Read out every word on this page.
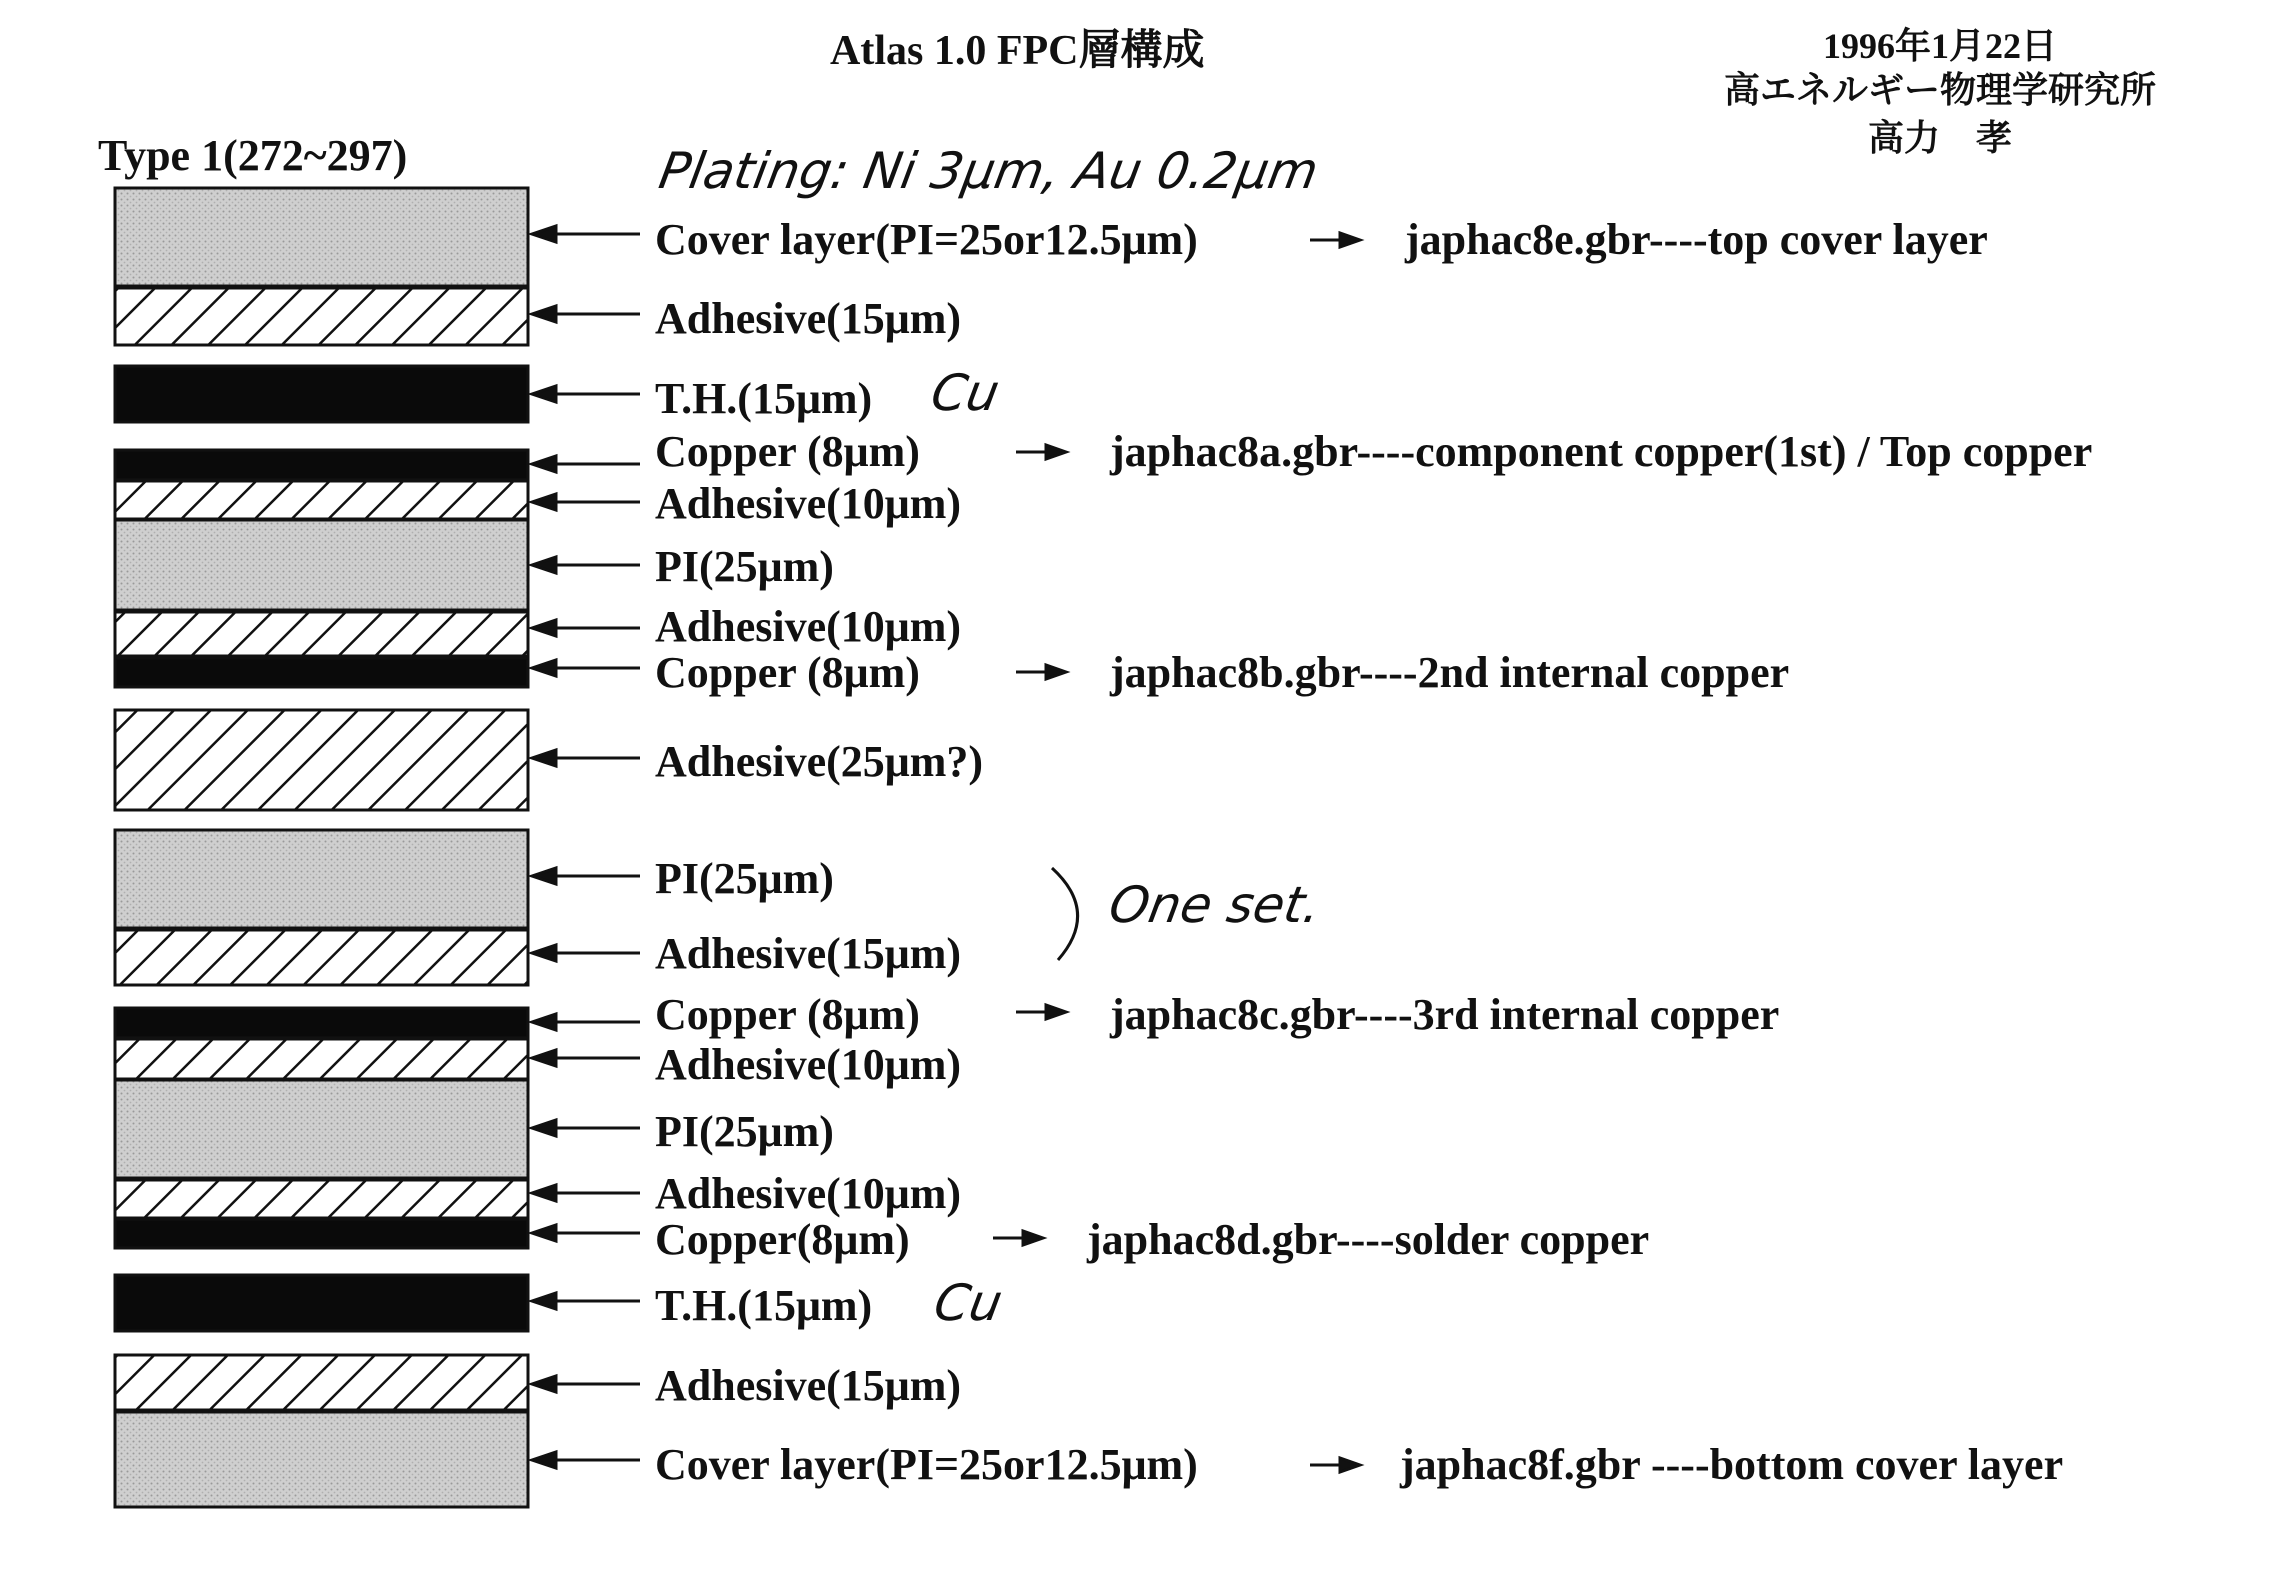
Atlas 1.0 FPC層構成	1996年1月22日
高エネルギー物理学研究所
高力　孝
Type 1(272~297)	Plating: Ni 3μm, Au 0.2μm
Cover layer(PI=25or12.5μm)
Adhesive(15μm)
T.H.(15μm) Cu
Copper (8μm)
Adhesive(10μm)
PI(25μm)
Adhesive(10μm)
Copper (8μm)
Adhesive(25μm?)
PI(25μm)
Adhesive(15μm)
One set.
Copper (8μm)
Adhesive(10μm)
PI(25μm)
Adhesive(10μm)
Copper(8μm)
T.H.(15μm) Cu
Adhesive(15μm)
Cover layer(PI=25or12.5μm)
japhac8e.gbr----top cover layer
japhac8a.gbr----component copper(1st) / Top copper
japhac8b.gbr----2nd internal copper
japhac8c.gbr----3rd internal copper
japhac8d.gbr----solder copper
japhac8f.gbr ----bottom cover layer
